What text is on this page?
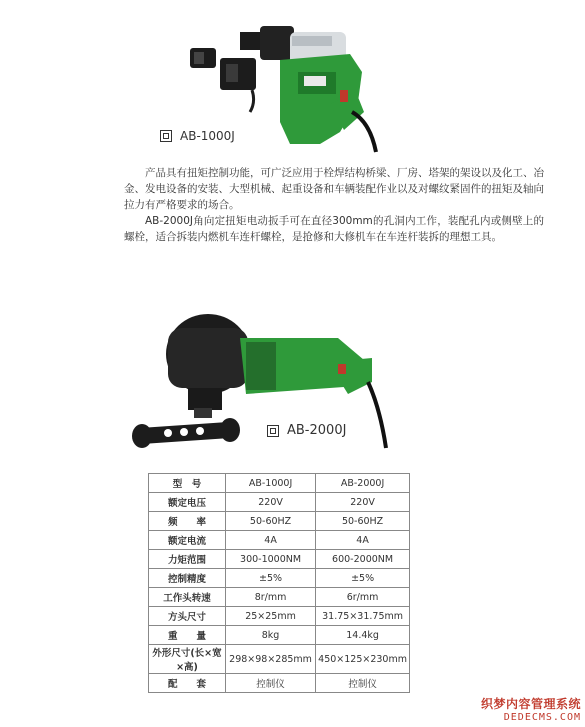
AB-1000J

产品具有扭矩控制功能，可广泛应用于栓焊结构桥梁、厂房、塔架的架设以及化工、冶金、发电设备的安装、大型机械、起重设备和车辆装配作业以及对螺纹紧固件的扭矩及轴向拉力有严格要求的场合。

AB-2000J角向定扭矩电动扳手可在直径300mm的孔洞内工作，装配孔内或侧壁上的螺栓，适合拆装内燃机车连杆螺栓，是抢修和大修机车在车连杆装拆的理想工具。

AB-2000J
型　号	AB-1000J	AB-2000J
额定电压	220V	220V
频　　率	50-60HZ	50-60HZ
额定电流	4A	4A
力矩范围	300-1000NM	600-2000NM
控制精度	±5%	±5%
工作头转速	8r/mm	6r/mm
方头尺寸	25×25mm	31.75×31.75mm
重　　量	8kg	14.4kg
外形尺寸(长×宽×高)	298×98×285mm	450×125×230mm
配　　套	控制仪	控制仪
织梦内容管理系统
DEDECMS.COM
